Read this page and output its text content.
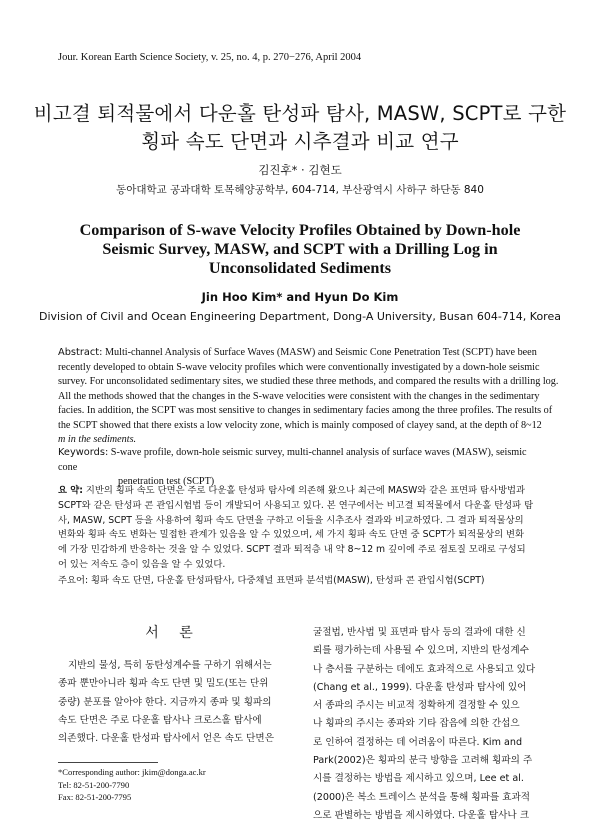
Jour. Korean Earth Science Society, v. 25, no. 4, p. 270−276, April 2004
비고결 퇴적물에서 다운홀 탄성파 탐사, MASW, SCPT로 구한
횡파 속도 단면과 시추결과 비교 연구
김진후* · 김현도
동아대학교 공과대학 토목해양공학부, 604-714, 부산광역시 사하구 하단동 840
Comparison of S-wave Velocity Profiles Obtained by Down-hole
Seismic Survey, MASW, and SCPT with a Drilling Log in
Unconsolidated Sediments
Jin Hoo Kim* and Hyun Do Kim
Division of Civil and Ocean Engineering Department, Dong-A University, Busan 604-714, Korea
Abstract: Multi-channel Analysis of Surface Waves (MASW) and Seismic Cone Penetration Test (SCPT) have been
recently developed to obtain S-wave velocity profiles which were conventionally investigated by a down-hole seismic
survey. For unconsolidated sedimentary sites, we studied these three methods, and compared the results with a drilling log.
All the methods showed that the changes in the S-wave velocities were consistent with the changes in the sedimentary
facies. In addition, the SCPT was most sensitive to changes in sedimentary facies among the three profiles. The results of
the SCPT showed that there exists a low velocity zone, which is mainly composed of clayey sand, at the depth of 8~12
m in the sediments.
Keywords: S-wave profile, down-hole seismic survey, multi-channel analysis of surface waves (MASW), seismic cone
penetration test (SCPT)
요 약: 지반의 횡파 속도 단면은 주로 다운홀 탄성파 탐사에 의존해 왔으나 최근에 MASW와 같은 표면파 탐사방법과
SCPT와 같은 탄성파 콘 관입시험법 등이 개발되어 사용되고 있다. 본 연구에서는 비고결 퇴적물에서 다운홀 탄성파 탐
사, MASW, SCPT 등을 사용하여 횡파 속도 단면을 구하고 이들을 시추조사 결과와 비교하였다. 그 결과 퇴적물상의
변화와 횡파 속도 변화는 밀접한 관계가 있음을 알 수 있었으며, 세 가지 횡파 속도 단면 중 SCPT가 퇴적물상의 변화
에 가장 민감하게 반응하는 것을 알 수 있었다. SCPT 결과 퇴적층 내 약 8~12 m 깊이에 주로 점토질 모래로 구성되
어 있는 저속도 층이 있음을 알 수 있었다.
주요어: 횡파 속도 단면, 다운홀 탄성파탐사, 다중채널 표면파 분석법(MASW), 탄성파 콘 관입시험(SCPT)
서 론
지반의 물성, 특히 동탄성계수를 구하기 위해서는
종파 뿐만아니라 횡파 속도 단면 및 밀도(또는 단위
중량) 분포를 알아야 한다. 지금까지 종파 및 횡파의
속도 단면은 주로 다운홀 탐사나 크로스홀 탐사에
의존했다. 다운홀 탄성파 탐사에서 얻은 속도 단면은
굴절법, 반사법 및 표면파 탐사 등의 결과에 대한 신
뢰를 평가하는데 사용될 수 있으며, 지반의 탄성계수
나 층서를 구분하는 데에도 효과적으로 사용되고 있다
(Chang et al., 1999). 다운홀 탄성파 탐사에 있어
서 종파의 주시는 비교적 정확하게 결정할 수 있으
나 횡파의 주시는 종파와 기타 잡음에 의한 간섭으
로 인하여 결정하는 데 어려움이 따른다. Kim and
Park(2002)은 횡파의 분극 방향을 고려해 횡파의 주
시를 결정하는 방법을 제시하고 있으며, Lee et al.
(2000)은 복소 트레이스 분석을 통해 횡파를 효과적
으로 판별하는 방법을 제시하였다. 다운홀 탐사나 크
*Corresponding author: jkim@donga.ac.kr
Tel: 82-51-200-7790
Fax: 82-51-200-7795
